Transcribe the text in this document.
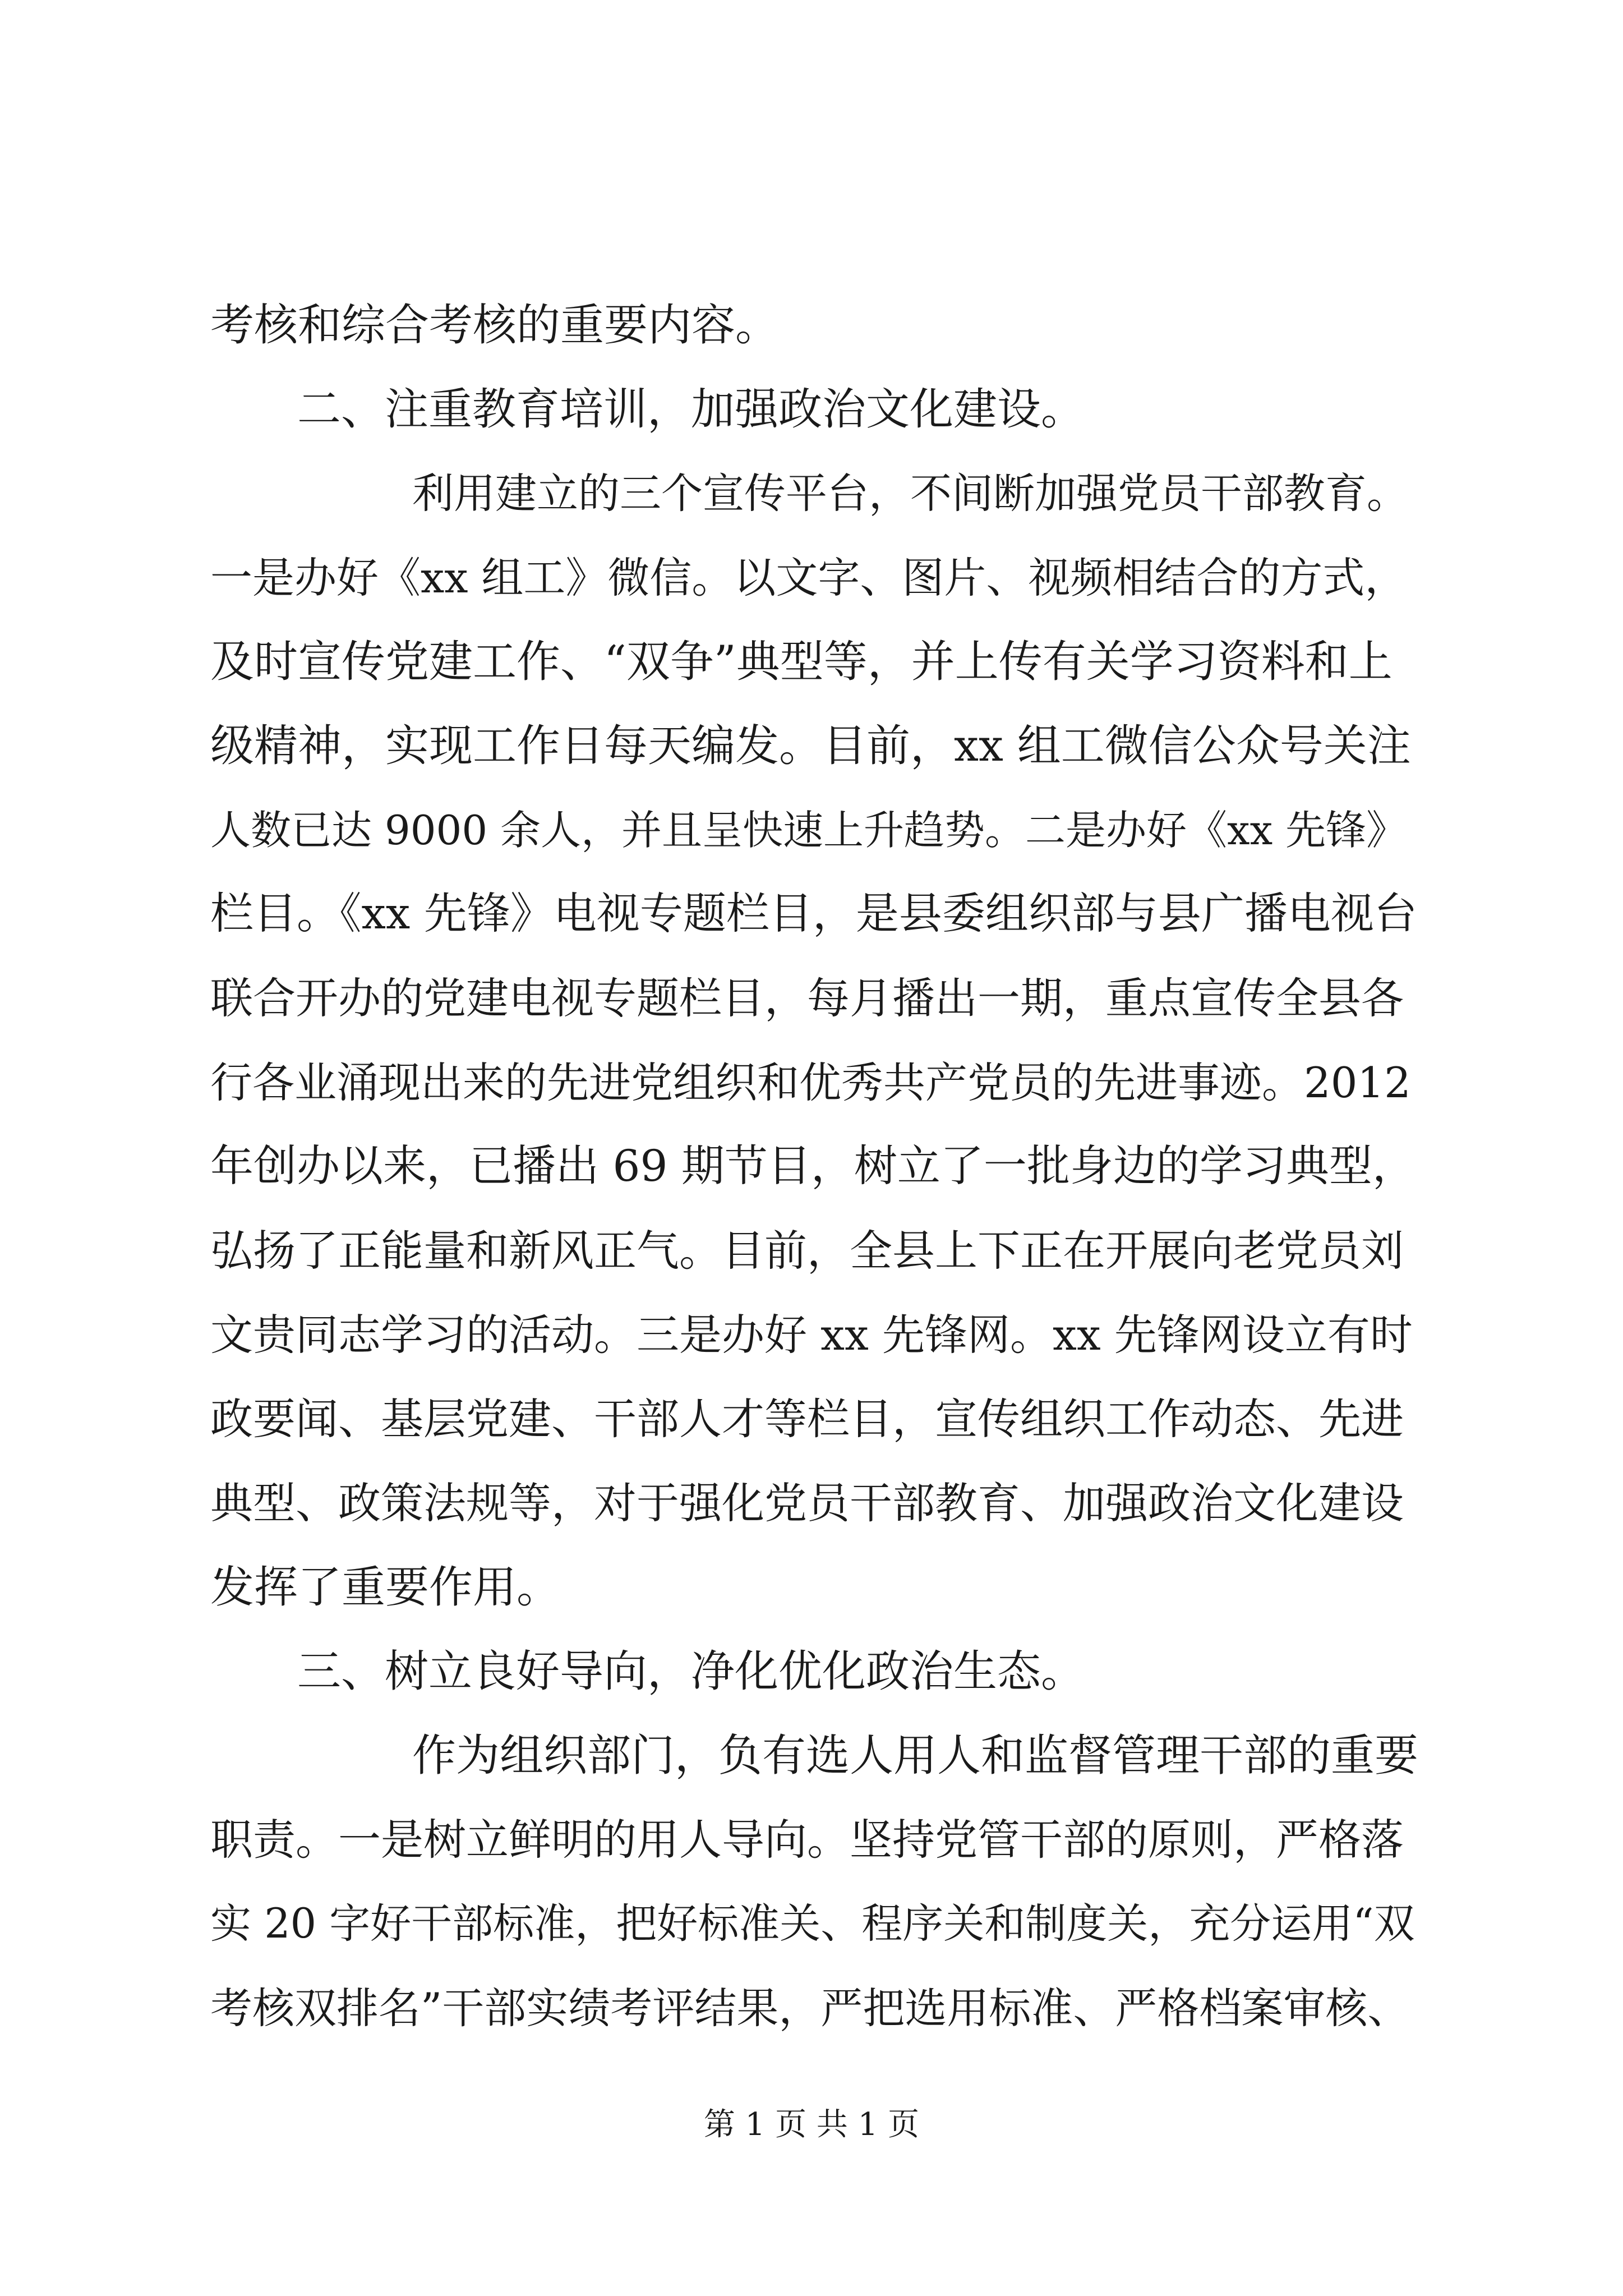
考核和综合考核的重要内容。
二、注重教育培训，加强政治文化建设。
利用建立的三个宣传平台，不间断加强党员干部教育。
一是办好《xx 组工》微信。以文字、图片、视频相结合的方式，
及时宣传党建工作、“双争”典型等，并上传有关学习资料和上
级精神，实现工作日每天编发。目前，xx 组工微信公众号关注
人数已达 9000 余人，并且呈快速上升趋势。二是办好《xx 先锋》
栏目。《xx 先锋》电视专题栏目，是县委组织部与县广播电视台
联合开办的党建电视专题栏目，每月播出一期，重点宣传全县各
行各业涌现出来的先进党组织和优秀共产党员的先进事迹。2012
年创办以来，已播出 69 期节目，树立了一批身边的学习典型，
弘扬了正能量和新风正气。目前，全县上下正在开展向老党员刘
文贵同志学习的活动。三是办好 xx 先锋网。xx 先锋网设立有时
政要闻、基层党建、干部人才等栏目，宣传组织工作动态、先进
典型、政策法规等，对于强化党员干部教育、加强政治文化建设
发挥了重要作用。
三、树立良好导向，净化优化政治生态。
作为组织部门，负有选人用人和监督管理干部的重要
职责。一是树立鲜明的用人导向。坚持党管干部的原则，严格落
实 20 字好干部标准，把好标准关、程序关和制度关，充分运用“双
考核双排名”干部实绩考评结果，严把选用标准、严格档案审核、
第 1 页 共 1 页
